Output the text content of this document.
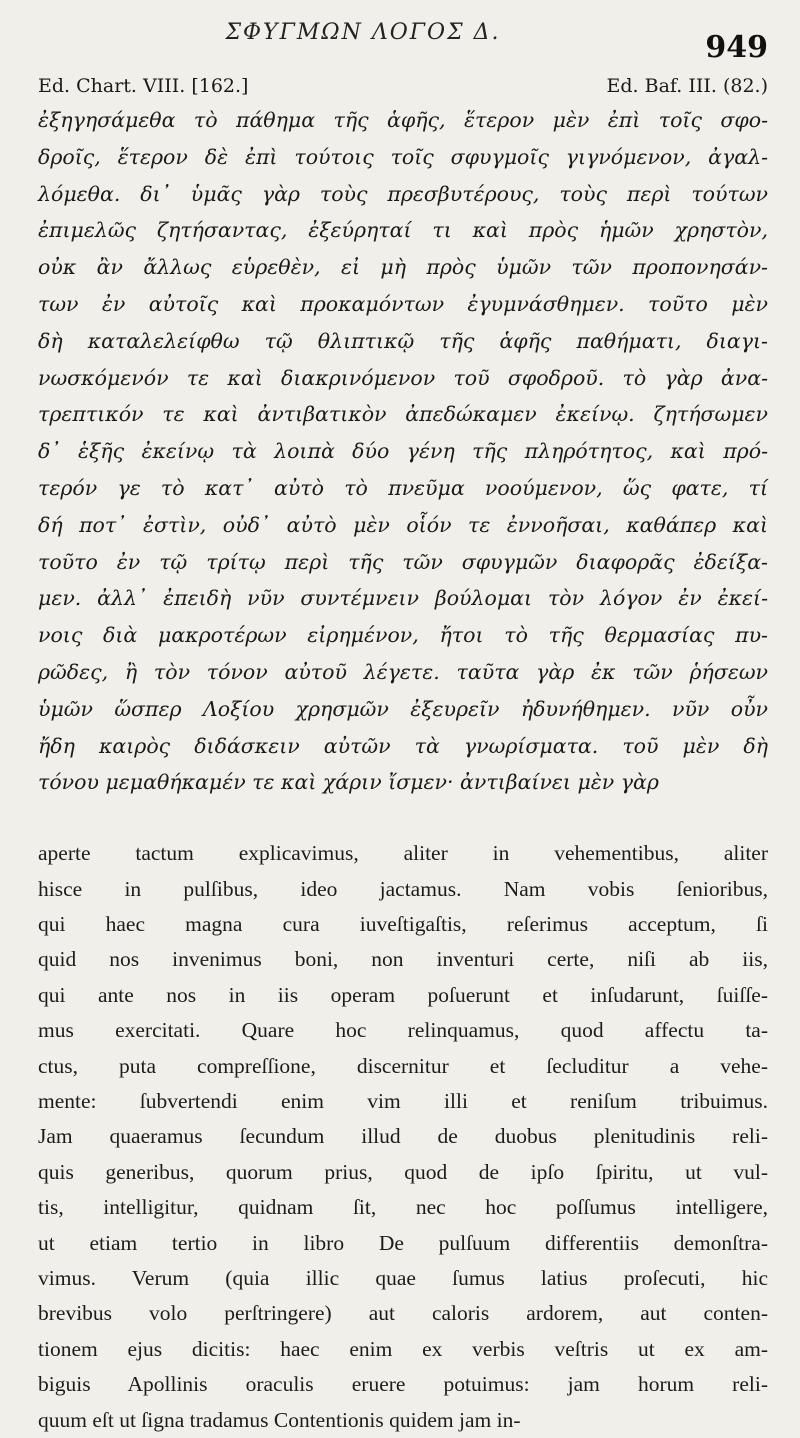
ΣΦΥΓΜΩΝ ΛΟΓΟΣ Δ.	949
Ed. Chart. VIII. [162.]	Ed. Baf. III. (82.)
ἐξηγησάμεθα τὸ πάθημα τῆς ἁφῆς, ἕτερον μὲν ἐπὶ τοῖς σφο-
δροῖς, ἕτερον δὲ ἐπὶ τούτοις τοῖς σφυγμοῖς γιγνόμενον, ἀγαλ-
λόμεθα. δι᾽ ὑμᾶς γὰρ τοὺς πρεσβυτέρους, τοὺς περὶ τούτων
ἐπιμελῶς ζητήσαντας, ἐξεύρηταί τι καὶ πρὸς ἡμῶν χρηστὸν,
οὐκ ἂν ἄλλως εὑρεθὲν, εἰ μὴ πρὸς ὑμῶν τῶν προπονησάν-
των ἐν αὐτοῖς καὶ προκαμόντων ἐγυμνάσθημεν. τοῦτο μὲν
δὴ καταλελείφθω τῷ θλιπτικῷ τῆς ἁφῆς παθήματι, διαγι-
νωσκόμενόν τε καὶ διακρινόμενον τοῦ σφοδροῦ. τὸ γὰρ ἀνα-
τρεπτικόν τε καὶ ἀντιβατικὸν ἀπεδώκαμεν ἐκείνῳ. ζητήσωμεν
δ᾽ ἑξῆς ἐκείνῳ τὰ λοιπὰ δύο γένη τῆς πληρότητος, καὶ πρό-
τερόν γε τὸ κατ᾽ αὐτὸ τὸ πνεῦμα νοούμενον, ὥς φατε, τί
δή ποτ᾽ ἐστὶν, οὐδ᾽ αὐτὸ μὲν οἷόν τε ἐννοῆσαι, καθάπερ καὶ
τοῦτο ἐν τῷ τρίτῳ περὶ τῆς τῶν σφυγμῶν διαφορᾶς ἐδείξα-
μεν. ἀλλ᾽ ἐπειδὴ νῦν συντέμνειν βούλομαι τὸν λόγον ἐν ἐκεί-
νοις διὰ μακροτέρων εἰρημένον, ἤτοι τὸ τῆς θερμασίας πυ-
ρῶδες, ἢ τὸν τόνον αὐτοῦ λέγετε. ταῦτα γὰρ ἐκ τῶν ῥήσεων
ὑμῶν ὥσπερ Λοξίου χρησμῶν ἐξευρεῖν ἠδυνήθημεν. νῦν οὖν
ἤδη καιρὸς διδάσκειν αὐτῶν τὰ γνωρίσματα. τοῦ μὲν δὴ
τόνου μεμαθήκαμέν τε καὶ χάριν ἴσμεν· ἀντιβαίνει μὲν γὰρ
aperte tactum explicavimus, aliter in vehementibus, aliter
hisce in pulſibus, ideo jactamus. Nam vobis ſenioribus,
qui haec magna cura iuveſtigaſtis, reſerimus acceptum, ſi
quid nos invenimus boni, non inventuri certe, niſi ab iis,
qui ante nos in iis operam poſuerunt et inſudarunt, ſuiſſe-
mus exercitati. Quare hoc relinquamus, quod affectu ta-
ctus, puta compreſſione, discernitur et ſecluditur a vehe-
mente: ſubvertendi enim vim illi et reniſum tribuimus.
Jam quaeramus ſecundum illud de duobus plenitudinis reli-
quis generibus, quorum prius, quod de ipſo ſpiritu, ut vul-
tis, intelligitur, quidnam ſit, nec hoc poſſumus intelligere,
ut etiam tertio in libro De pulſuum differentiis demonſtra-
vimus. Verum (quia illic quae ſumus latius proſecuti, hic
brevibus volo perſtringere) aut caloris ardorem, aut conten-
tionem ejus dicitis: haec enim ex verbis veſtris ut ex am-
biguis Apollinis oraculis eruere potuimus: jam horum reli-
quum eſt ut ſigna tradamus Contentionis quidem jam in-
